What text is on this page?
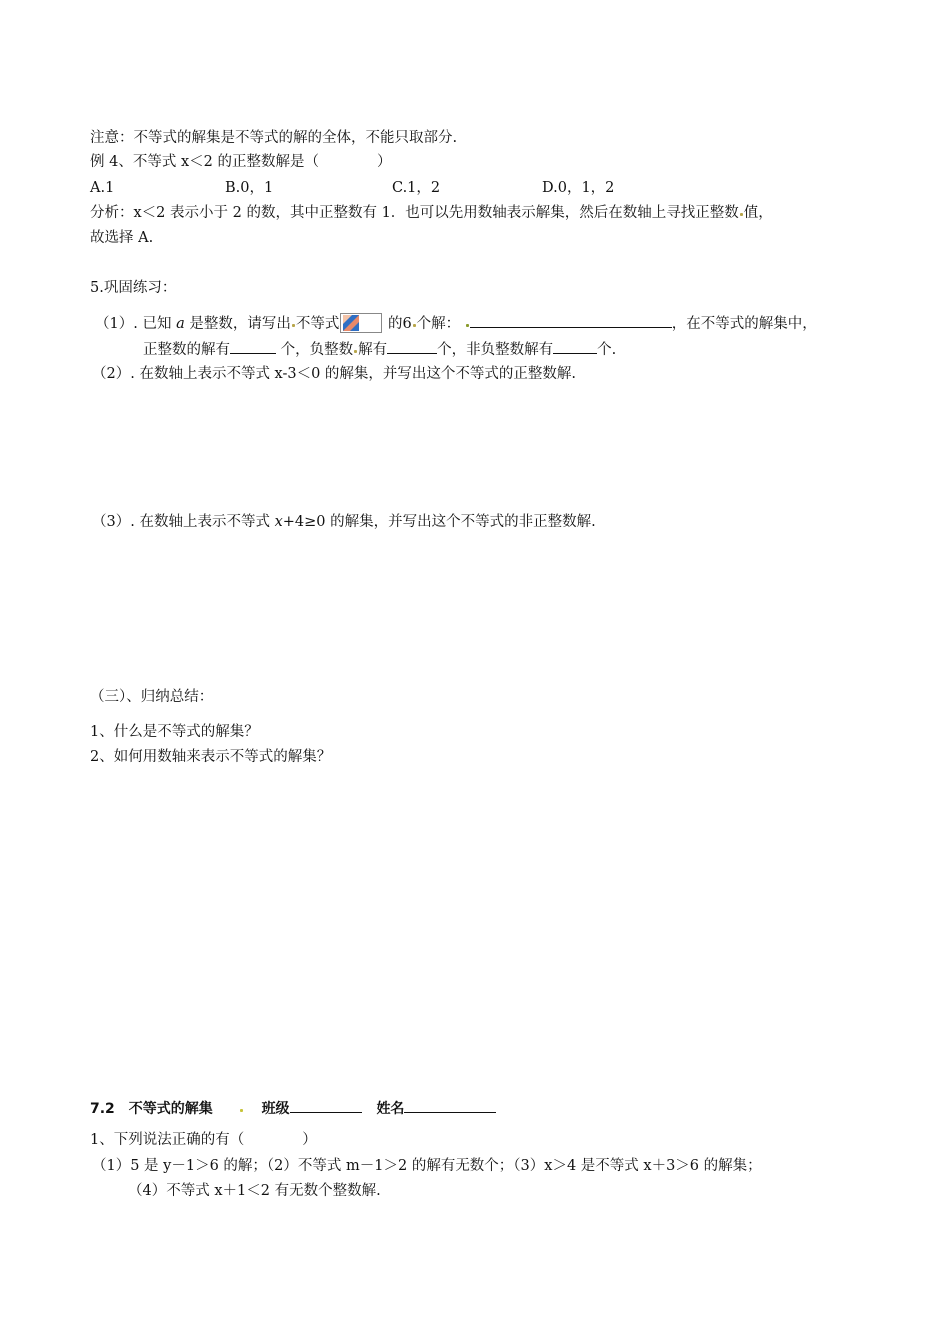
注意：不等式的解集是不等式的解的全体，不能只取部分.
例 4、不等式 x＜2 的正整数解是（　　　　）
A.1	B.0，1	C.1，2	D.0，1，2
分析：x＜2 表示小于 2 的数，其中正整数有 1．也可以先用数轴表示解集，然后在数轴上寻找正整数 值，
故选择 A.
5.巩固练习：
（1）. 已知 a 是整数，请写出 不等式	的6 个解：	，在不等式的解集中，
正整数的解有	个，负整数 解有	个，非负整数解有	个.
（2）. 在数轴上表示不等式 x-3＜0 的解集，并写出这个不等式的正整数解.
（3）. 在数轴上表示不等式 x+4≥0 的解集，并写出这个不等式的非正整数解.
（三）、归纳总结：
1、什么是不等式的解集？
2、如何用数轴来表示不等式的解集？
7.2　不等式的解集	班级	姓名
1、下列说法正确的有（　　　　）
（1）5 是 y－1＞6 的解；（2）不等式 m－1＞2 的解有无数个；（3）x＞4 是不等式 x＋3＞6 的解集；
（4）不等式 x＋1＜2 有无数个整数解.
